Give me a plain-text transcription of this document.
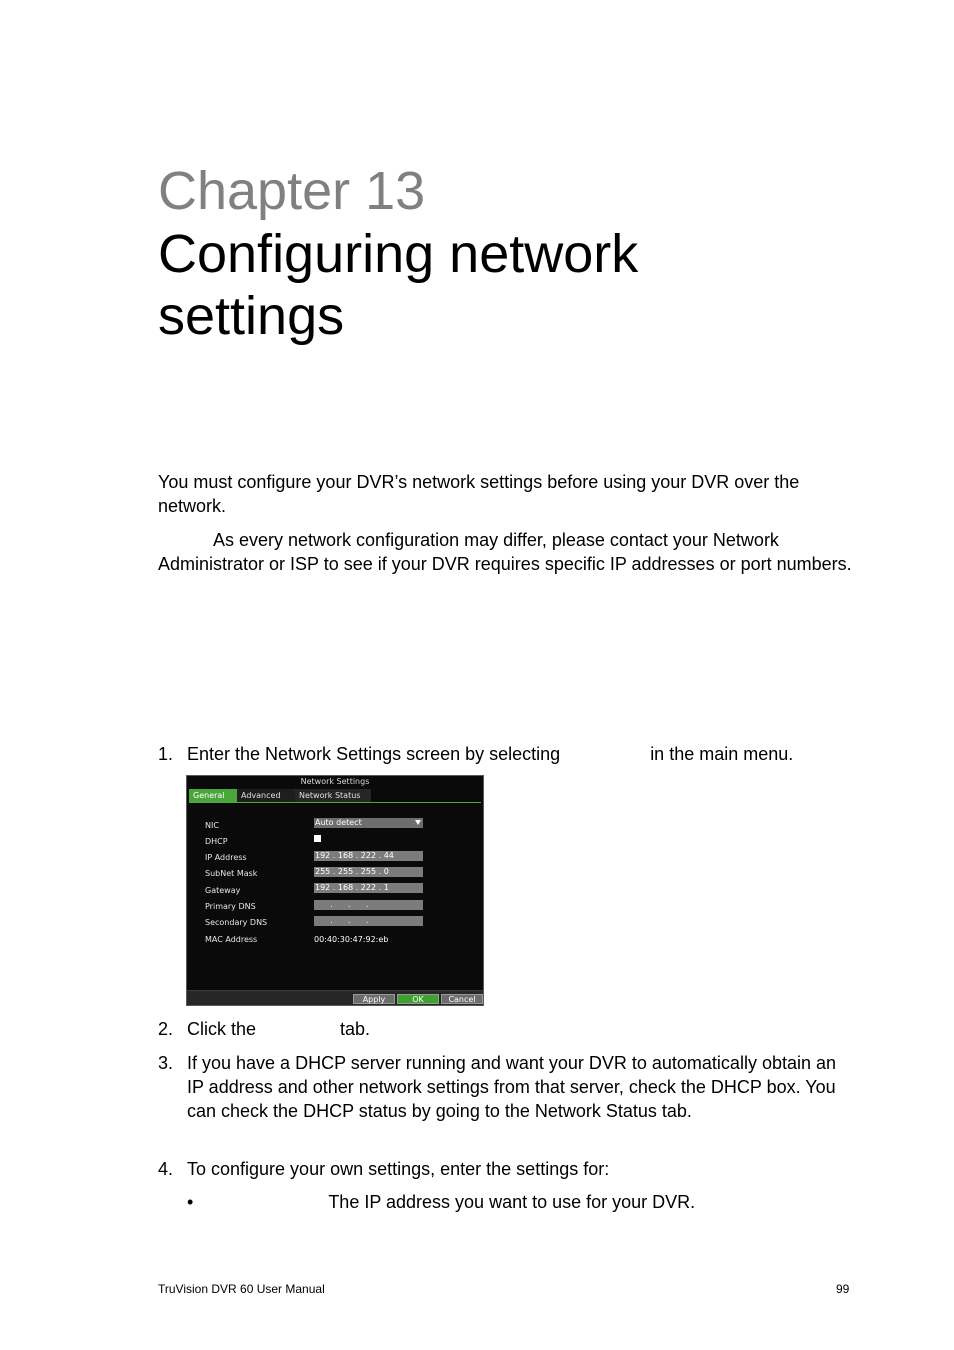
Chapter 13
Configuring network settings
You must configure your DVR’s network settings before using your DVR over the network.
As every network configuration may differ, please contact your Network Administrator or ISP to see if your DVR requires specific IP addresses or port numbers.
1. Enter the Network Settings screen by selecting	in the main menu.
Network Settings
General	Advanced	Network Status
NIC	Auto detect
DHCP
IP Address	192 . 168 . 222 . 44
SubNet Mask	255 . 255 . 255 . 0
Gateway	192 . 168 . 222 . 1
Primary DNS	.      .      .
Secondary DNS	.      .      .
MAC Address	00:40:30:47:92:eb
Apply	OK	Cancel
2. Click the	tab.
3. If you have a DHCP server running and want your DVR to automatically obtain an IP address and other network settings from that server, check the DHCP box. You can check the DHCP status by going to the Network Status tab.
4. To configure your own settings, enter the settings for:
•	The IP address you want to use for your DVR.
TruVision DVR 60 User Manual	99
